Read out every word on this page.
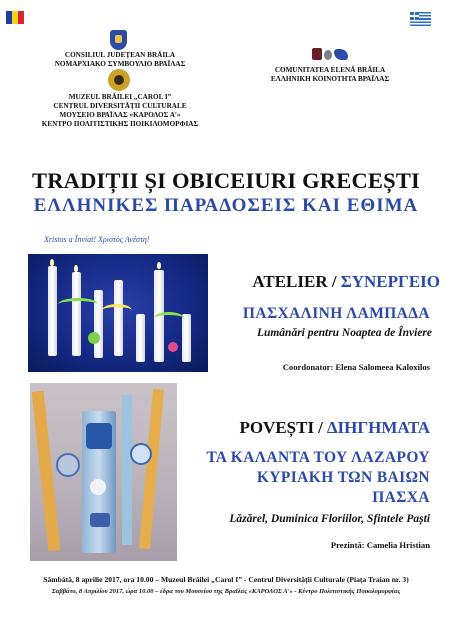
CONSILIUL JUDEȚEAN BRĂILA
ΝΟΜΑΡΧΙΑΚΟ ΣΥΜΒΟΥΛΙΟ ΒΡΑΪΛΑΣ
MUZEUL BRĂILEI „CAROL I”
CENTRUL DIVERSITĂȚII CULTURALE
ΜΟΥΣΕΙΟ ΒΡΑΪΛΑΣ «ΚΑΡΟΛΟΣ Α'»
ΚΕΝΤΡΟ ΠΟΛΙΤΙΣΤΙΚΗΣ ΠΟΙΚΙΛΟΜΟΡΦΙΑΣ
COMUNITATEA ELENĂ BRĂILA
ΕΛΛΗΝΙΚΗ ΚΟΙΝΟΤΗΤΑ ΒΡΑΪΛΑΣ
TRADIȚII ȘI OBICEIURI GRECEȘTI
ΕΛΛΗΝΙΚΕΣ ΠΑΡΑΔΟΣΕΙΣ ΚΑΙ ΕΘΙΜΑ
Xristos a Înviat! Χριστός Ανέστη!
ATELIER / ΣΥΝΕΡΓΕΙΟ
ΠΑΣΧΑΛΙΝΗ ΛΑΜΠΑΔΑ
Lumânări pentru Noaptea de Înviere
Coordonator: Elena Salomeea Kaloxilos
POVEȘTI / ΔΙΗΓΗΜΑΤΑ
ΤΑ ΚΑΛΑΝΤΑ ΤΟΥ ΛΑΖΑΡΟΥ
ΚΥΡΙΑΚΗ ΤΩΝ ΒΑΙΩΝ
ΠΑΣΧΑ
Lăzărel, Duminica Floriilor, Sfintele Paști
Prezintă: Camelia Hristian
Sâmbătă, 8 aprilie 2017, ora 10.00 – Muzeul Brăilei „Carol I” - Centrul Diversității Culturale (Piața Traian nr. 3)
Σαββάτο, 8 Απριλίου 2017, ώρα 10.00 – έδρα του Μουσείου της Βραΐλας «ΚΑΡΟΛΟΣ Α'» - Κέντρο Πολιτιστικής Ποικιλομορφίας
